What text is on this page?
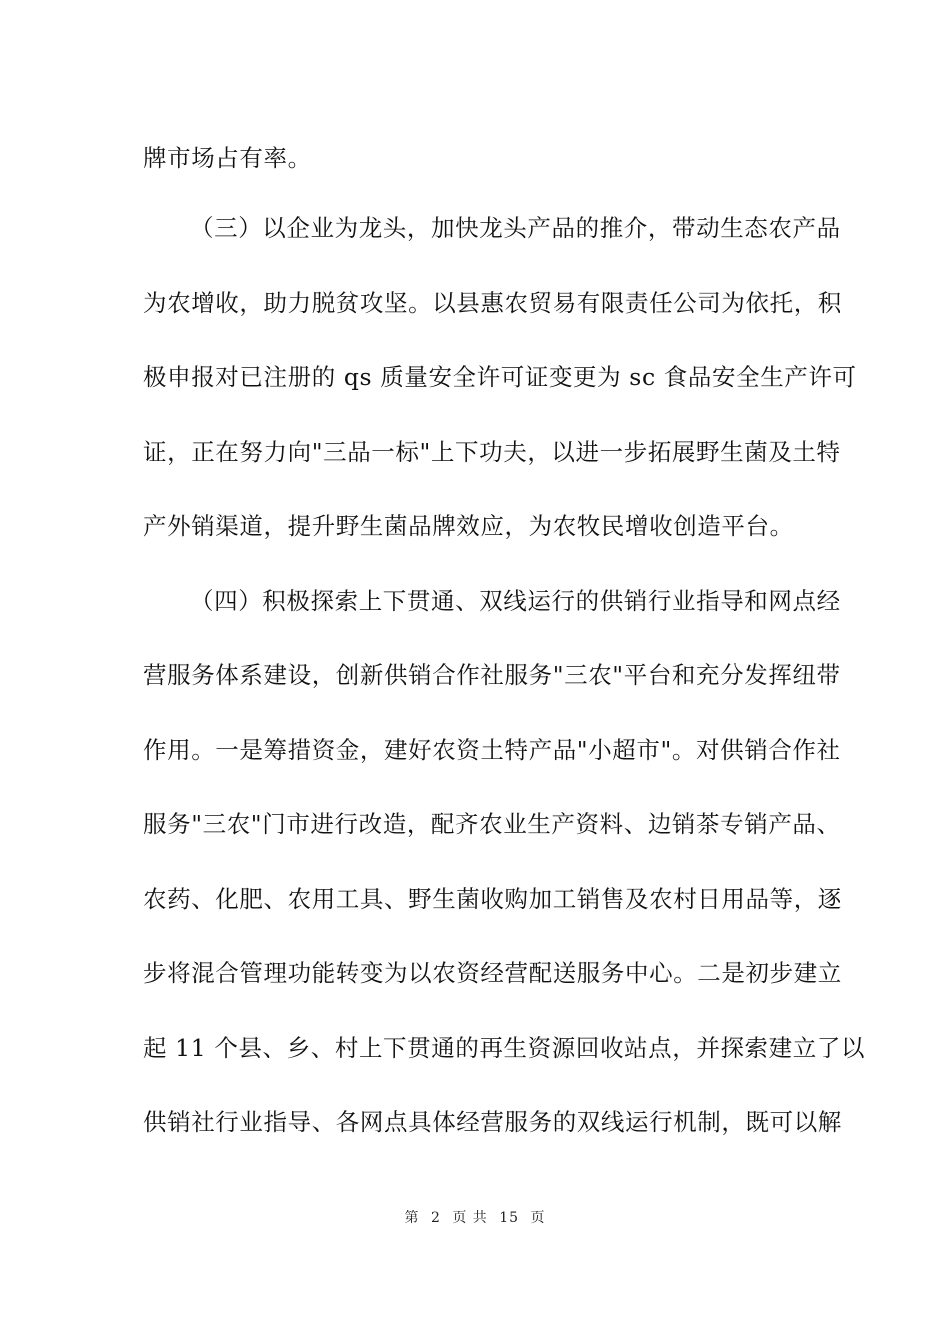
牌市场占有率。
（三）以企业为龙头，加快龙头产品的推介，带动生态农产品
为农增收，助力脱贫攻坚。以县惠农贸易有限责任公司为依托，积
极申报对已注册的 qs 质量安全许可证变更为 sc 食品安全生产许可
证，正在努力向"三品一标"上下功夫，以进一步拓展野生菌及土特
产外销渠道，提升野生菌品牌效应，为农牧民增收创造平台。
（四）积极探索上下贯通、双线运行的供销行业指导和网点经
营服务体系建设，创新供销合作社服务"三农"平台和充分发挥纽带
作用。一是筹措资金，建好农资土特产品"小超市"。对供销合作社
服务"三农"门市进行改造，配齐农业生产资料、边销茶专销产品、
农药、化肥、农用工具、野生菌收购加工销售及农村日用品等，逐
步将混合管理功能转变为以农资经营配送服务中心。二是初步建立
起 11 个县、乡、村上下贯通的再生资源回收站点，并探索建立了以
供销社行业指导、各网点具体经营服务的双线运行机制，既可以解
第 2 页 共 15 页
